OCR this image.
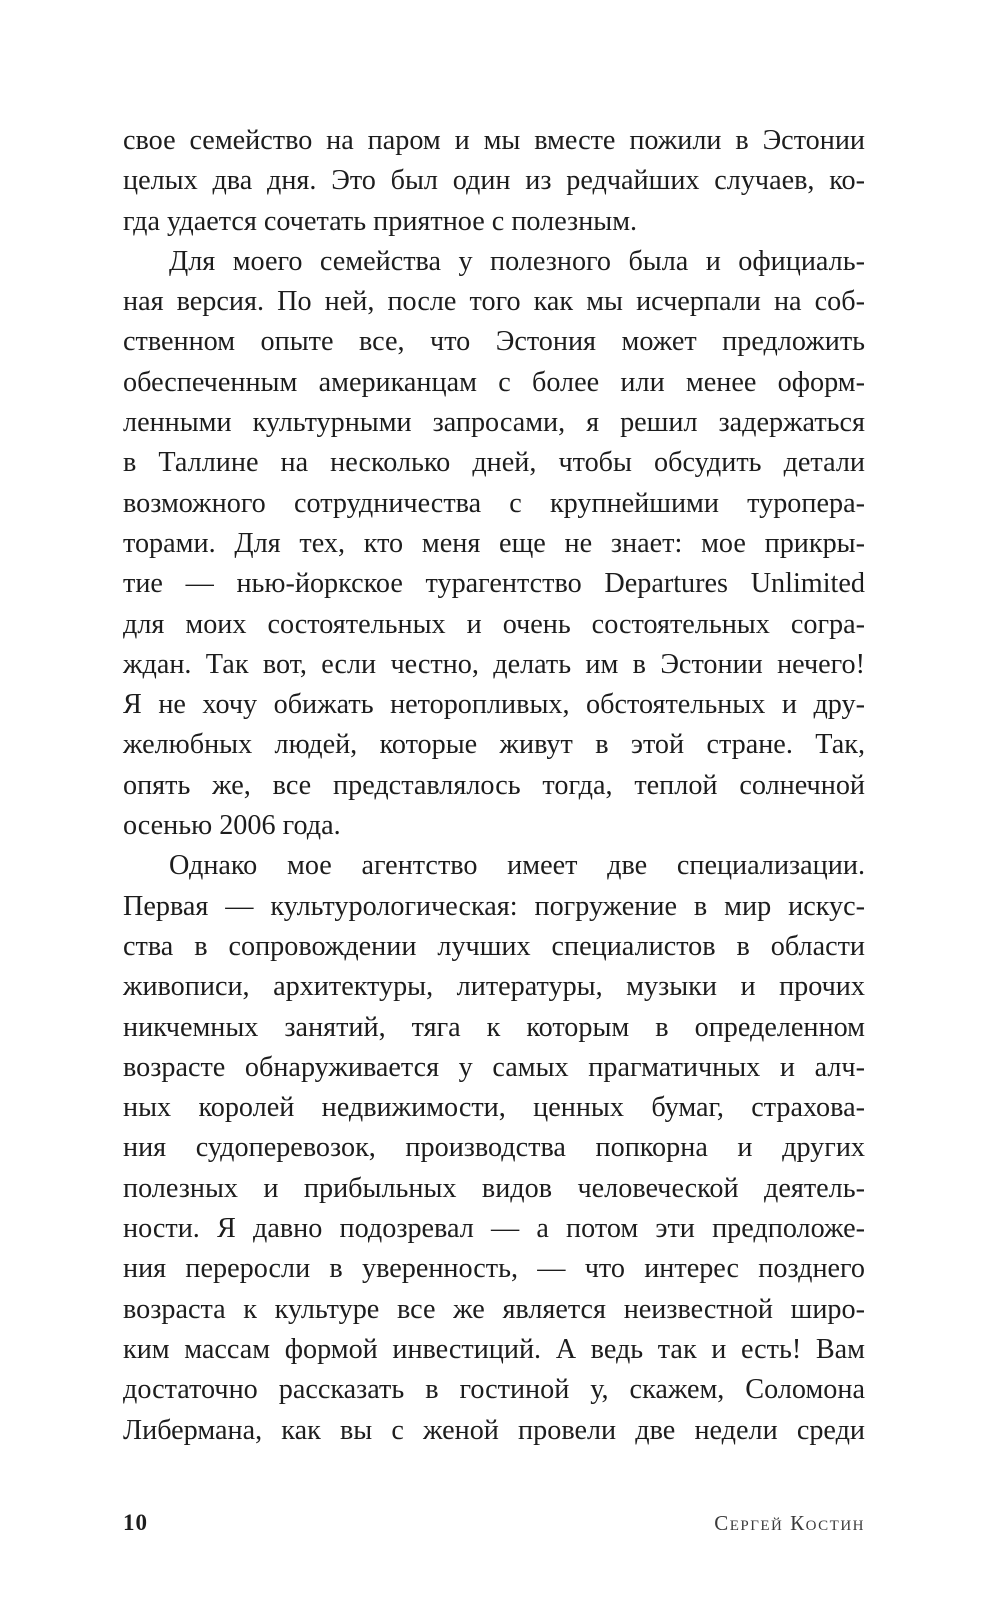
свое семейство на паром и мы вместе пожили в Эстонии
целых два дня. Это был один из редчайших случаев, ко-
гда удается сочетать приятное с полезным.
Для моего семейства у полезного была и официаль-
ная версия. По ней, после того как мы исчерпали на соб-
ственном опыте все, что Эстония может предложить
обеспеченным американцам с более или менее оформ-
ленными культурными запросами, я решил задержаться
в Таллине на несколько дней, чтобы обсудить детали
возможного сотрудничества с крупнейшими туропера-
торами. Для тех, кто меня еще не знает: мое прикры-
тие — нью-йоркское турагентство Departures Unlimited
для моих состоятельных и очень состоятельных согра-
ждан. Так вот, если честно, делать им в Эстонии нечего!
Я не хочу обижать неторопливых, обстоятельных и дру-
желюбных людей, которые живут в этой стране. Так,
опять же, все представлялось тогда, теплой солнечной
осенью 2006 года.
Однако мое агентство имеет две специализации.
Первая — культурологическая: погружение в мир искус-
ства в сопровождении лучших специалистов в области
живописи, архитектуры, литературы, музыки и прочих
никчемных занятий, тяга к которым в определенном
возрасте обнаруживается у самых прагматичных и алч-
ных королей недвижимости, ценных бумаг, страхова-
ния судоперевозок, производства попкорна и других
полезных и прибыльных видов человеческой деятель-
ности. Я давно подозревал — а потом эти предположе-
ния переросли в уверенность, — что интерес позднего
возраста к культуре все же является неизвестной широ-
ким массам формой инвестиций. А ведь так и есть! Вам
достаточно рассказать в гостиной у, скажем, Соломона
Либермана, как вы с женой провели две недели среди
10	Сергей Костин
